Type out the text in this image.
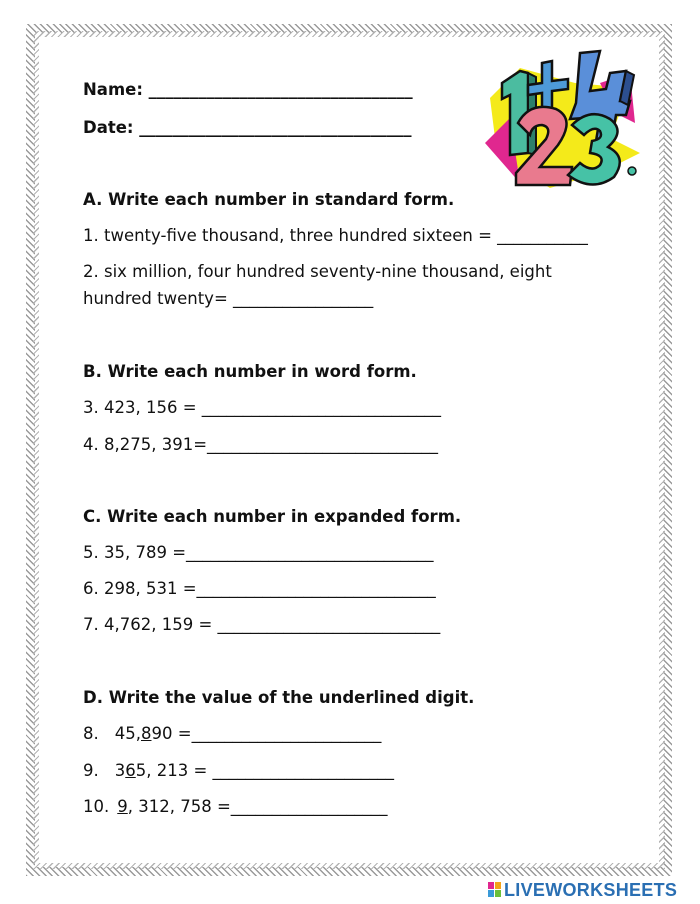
Name: ________________________________
Date: _________________________________
A. Write each number in standard form.
1. twenty-five thousand, three hundred sixteen = ___________
2. six million, four hundred seventy-nine thousand, eight
hundred twenty= _________________
B. Write each number in word form.
3. 423, 156 = _____________________________
4. 8,275, 391=____________________________
C. Write each number in expanded form.
5. 35, 789 =______________________________
6. 298, 531 =_____________________________
7. 4,762, 159 = ___________________________
D. Write the value of the underlined digit.
8. 45,890 =_______________________
9. 365, 213 = ______________________
10. 9, 312, 758 =___________________
LIVEWORKSHEETS
